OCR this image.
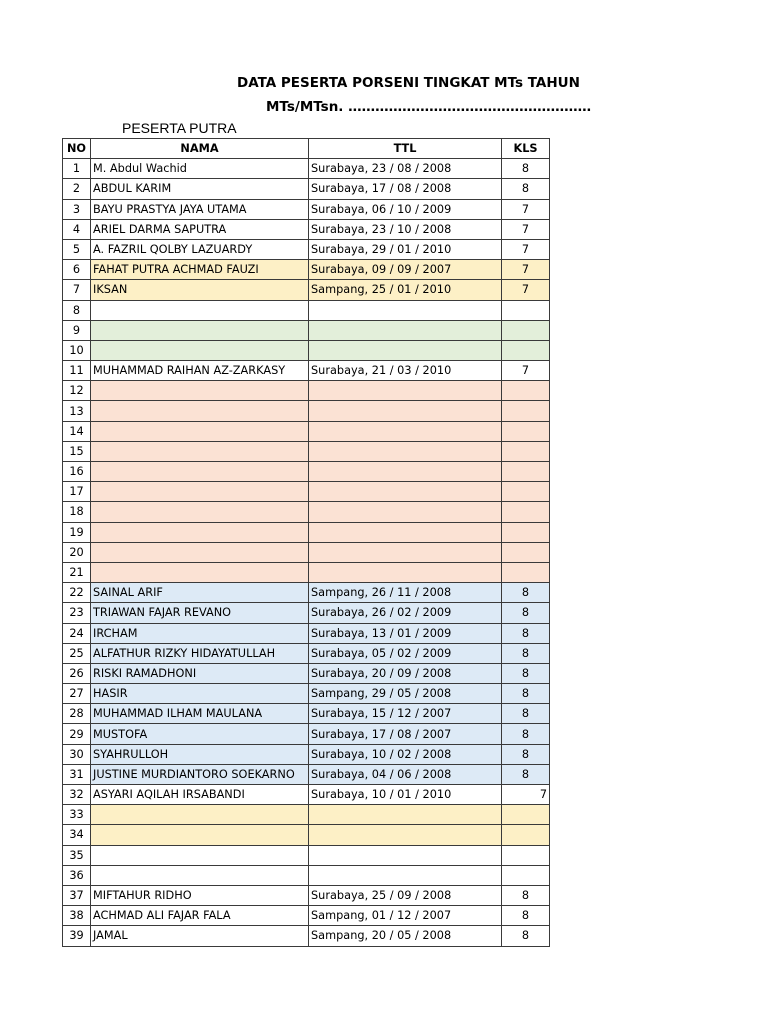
DATA PESERTA PORSENI TINGKAT MTs TAHUN
MTs/MTsn. ………………………………………………
PESERTA PUTRA
NO	NAMA	TTL	KLS
1	M. Abdul Wachid	Surabaya, 23 / 08 / 2008	8
2	ABDUL KARIM	Surabaya, 17 / 08 / 2008	8
3	BAYU PRASTYA JAYA UTAMA	Surabaya, 06 / 10 / 2009	7
4	ARIEL DARMA SAPUTRA	Surabaya, 23 / 10 / 2008	7
5	A. FAZRIL QOLBY LAZUARDY	Surabaya, 29 / 01 / 2010	7
6	FAHAT PUTRA ACHMAD FAUZI	Surabaya, 09 / 09 / 2007	7
7	IKSAN	Sampang, 25 / 01 / 2010	7
8			
9			
10			
11	MUHAMMAD RAIHAN AZ-ZARKASY	Surabaya, 21 / 03 / 2010	7
12			
13			
14			
15			
16			
17			
18			
19			
20			
21			
22	SAINAL ARIF	Sampang, 26 / 11 / 2008	8
23	TRIAWAN FAJAR REVANO	Surabaya, 26 / 02 / 2009	8
24	IRCHAM	Surabaya, 13 / 01 / 2009	8
25	ALFATHUR RIZKY HIDAYATULLAH	Surabaya, 05 / 02 / 2009	8
26	RISKI RAMADHONI	Surabaya, 20 / 09 / 2008	8
27	HASIR	Sampang, 29 / 05 / 2008	8
28	MUHAMMAD ILHAM MAULANA	Surabaya, 15 / 12 / 2007	8
29	MUSTOFA	Surabaya, 17 / 08 / 2007	8
30	SYAHRULLOH	Surabaya, 10 / 02 / 2008	8
31	JUSTINE MURDIANTORO SOEKARNO	Surabaya, 04 / 06 / 2008	8
32	ASYARI AQILAH IRSABANDI	Surabaya, 10 / 01 / 2010	7
33			
34			
35			
36			
37	MIFTAHUR RIDHO	Surabaya, 25 / 09 / 2008	8
38	ACHMAD ALI FAJAR FALA	Sampang, 01 / 12 / 2007	8
39	JAMAL	Sampang, 20 / 05 / 2008	8
